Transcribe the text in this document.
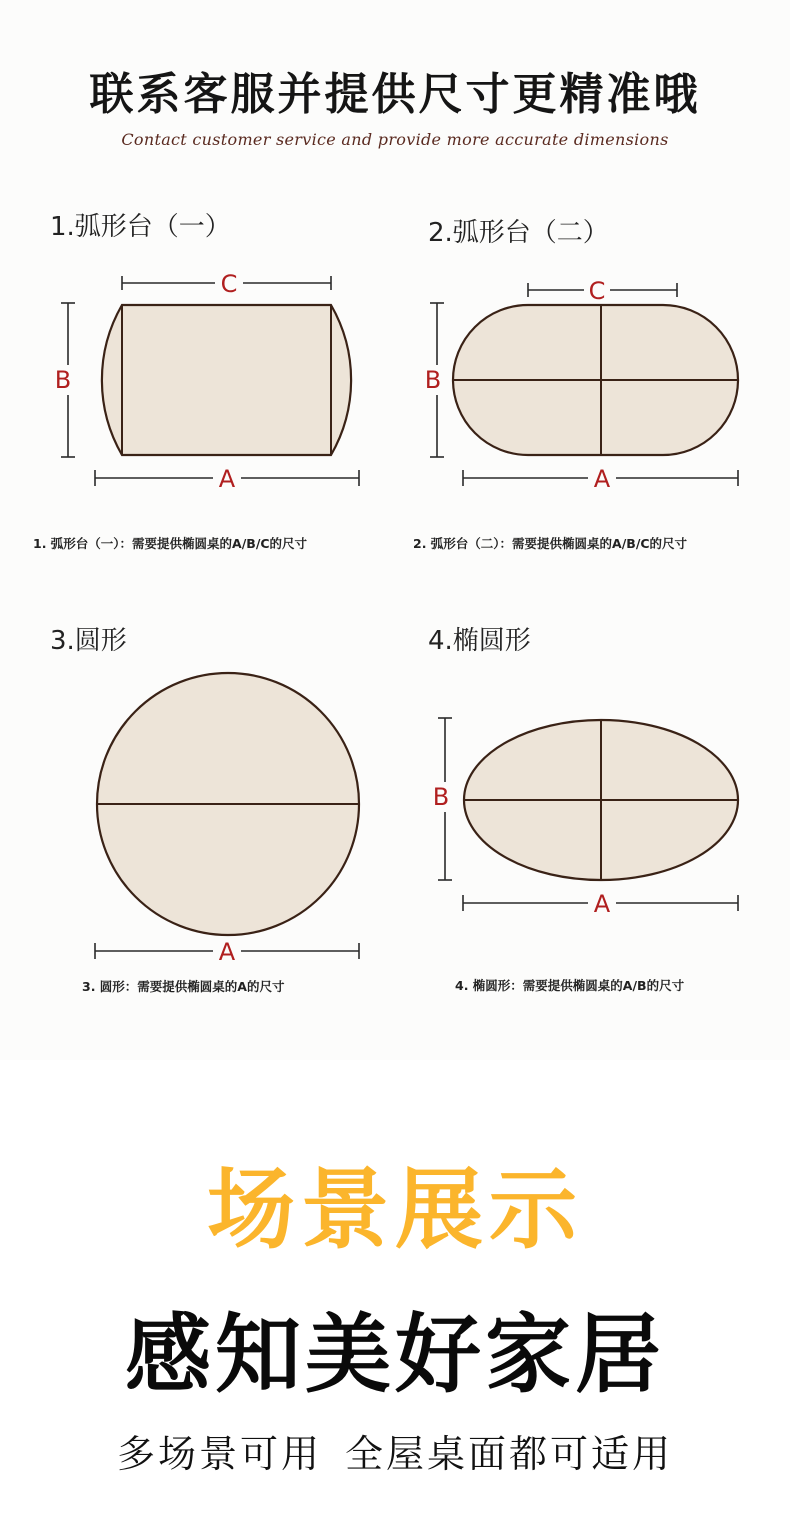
联系客服并提供尺寸更精准哦
Contact customer service and provide more accurate dimensions
1.弧形台（一）
C
B
A
1. 弧形台（一）：需要提供椭圆桌的A/B/C的尺寸
2.弧形台（二）
C
B
A
2. 弧形台（二）：需要提供椭圆桌的A/B/C的尺寸
3.圆形
A
3. 圆形：需要提供椭圆桌的A的尺寸
4.椭圆形
B
A
4. 椭圆形：需要提供椭圆桌的A/B的尺寸
场景展示
感知美好家居
多场景可用 全屋桌面都可适用
